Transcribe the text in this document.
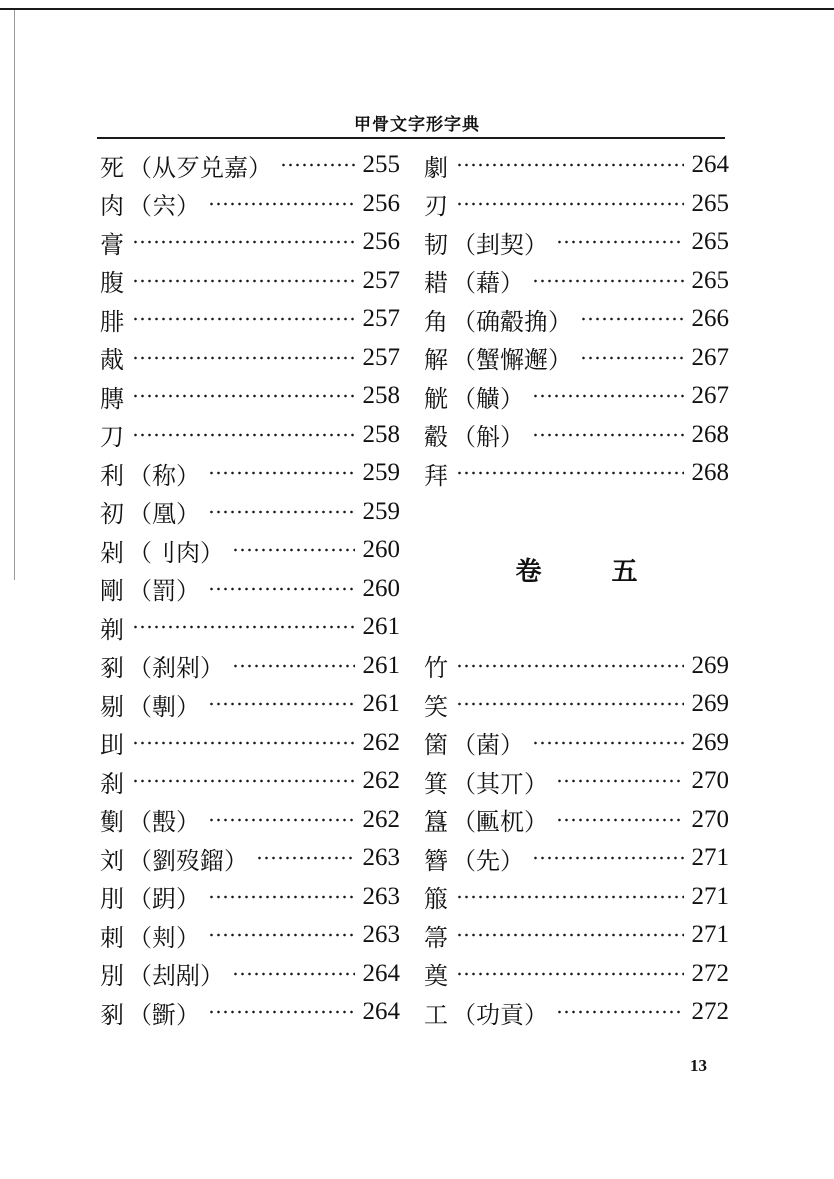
甲骨文字形字典
死 （从歹兑嘉）	255
肉 （宍）	256
膏	256
腹	257
腓	257
胾	257
膞	258
刀	258
利 （称）	259
初 （凰）	259
剁 （刂肉）	260
剛 （罰）	260
剃	261
剢 （刹剁）	261
剔 （剸）	261
刞	262
刹	262
劐 （毄）	262
刘 （劉歿鎦）	263
刖 （跀）	263
刺 （刾）	263
別 （刦剐）	264
剢 （斵）	264
劇	264
刃	265
韧 （刲契）	265
耤 （藉）	265
角 （确觳捔）	266
解 （蟹懈邂）	267
觥 （觵）	267
觳 （斛）	268
拜	268
卷	五
竹	269
笑	269
箘 （菌）	269
箕 （其丌）	270
簋 （匭杌）	270
簪 （先）	271
箙	271
箒	271
奠	272
工 （功貢）	272
13
